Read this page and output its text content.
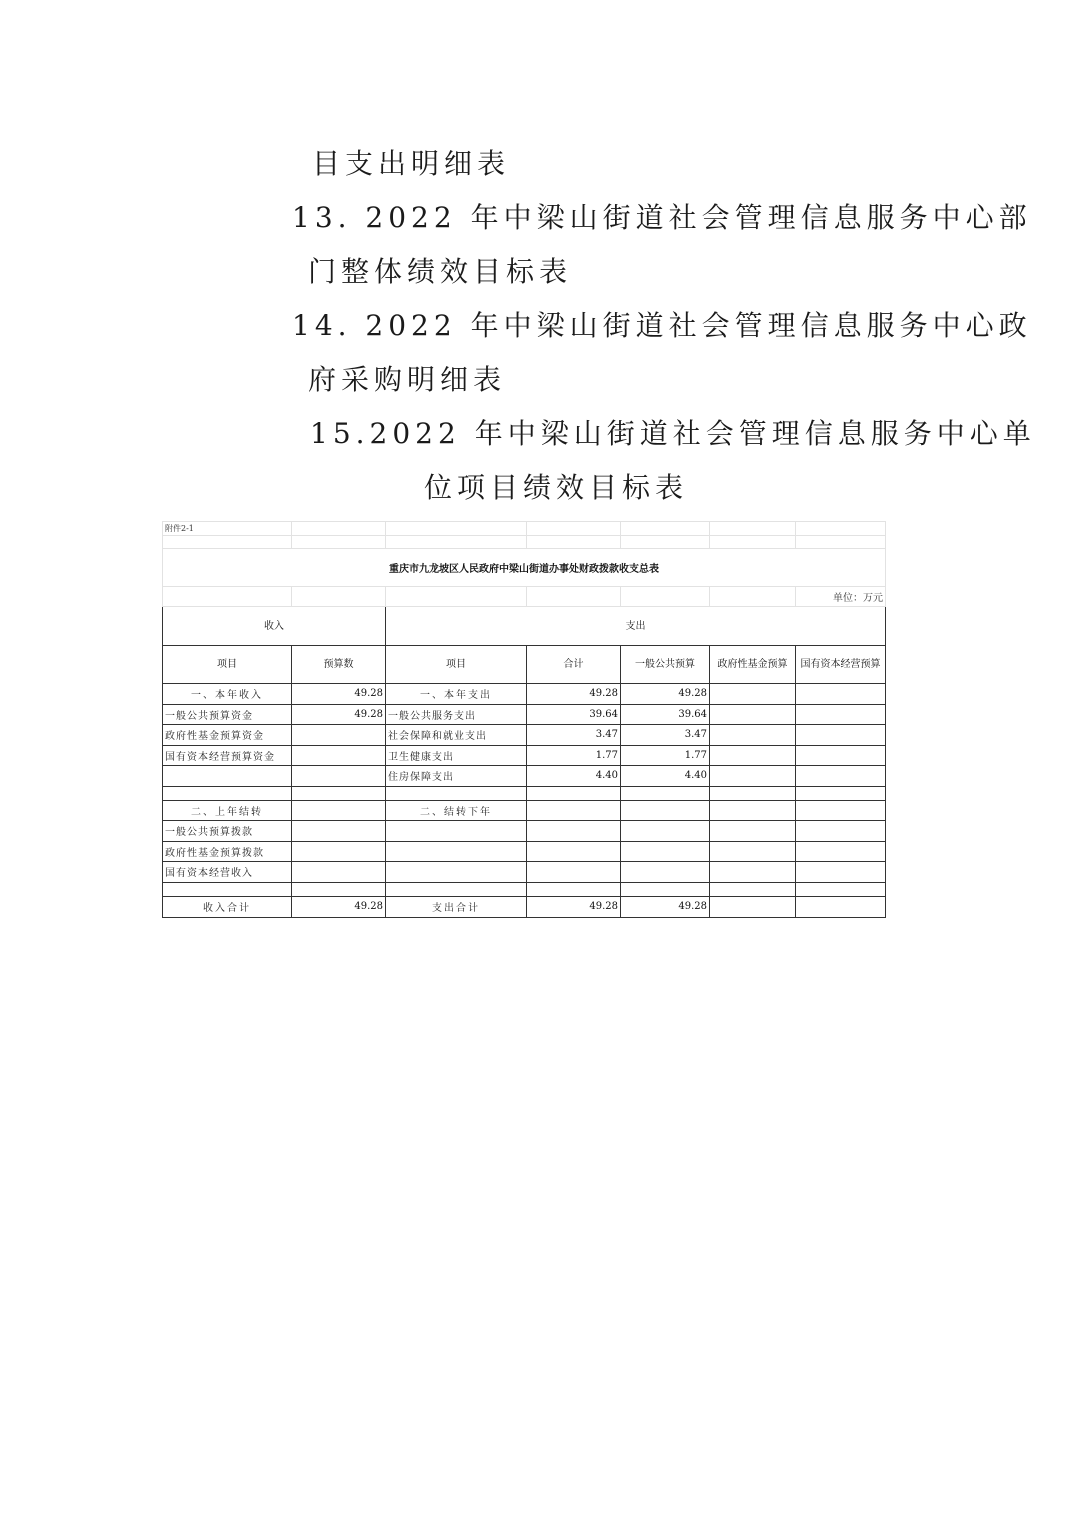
目支出明细表
13. 2022 年中梁山街道社会管理信息服务中心部
门整体绩效目标表
14. 2022 年中梁山街道社会管理信息服务中心政
府采购明细表
15.2022 年中梁山街道社会管理信息服务中心单
位项目绩效目标表
附件2-1						

重庆市九龙坡区人民政府中梁山街道办事处财政拨款收支总表						
						单位：万元
收入		支出				
项目	预算数	项目	合计	一般公共预算	政府性基金预算	国有资本经营预算
一、本年收入	49.28	一、本年支出	49.28	49.28		
一般公共预算资金	49.28	一般公共服务支出	39.64	39.64		
政府性基金预算资金		社会保障和就业支出	3.47	3.47		
国有资本经营预算资金		卫生健康支出	1.77	1.77		
		住房保障支出	4.40	4.40		

二、上年结转		二、结转下年				
一般公共预算拨款						
政府性基金预算拨款						
国有资本经营收入						

收入合计	49.28	支出合计	49.28	49.28		
